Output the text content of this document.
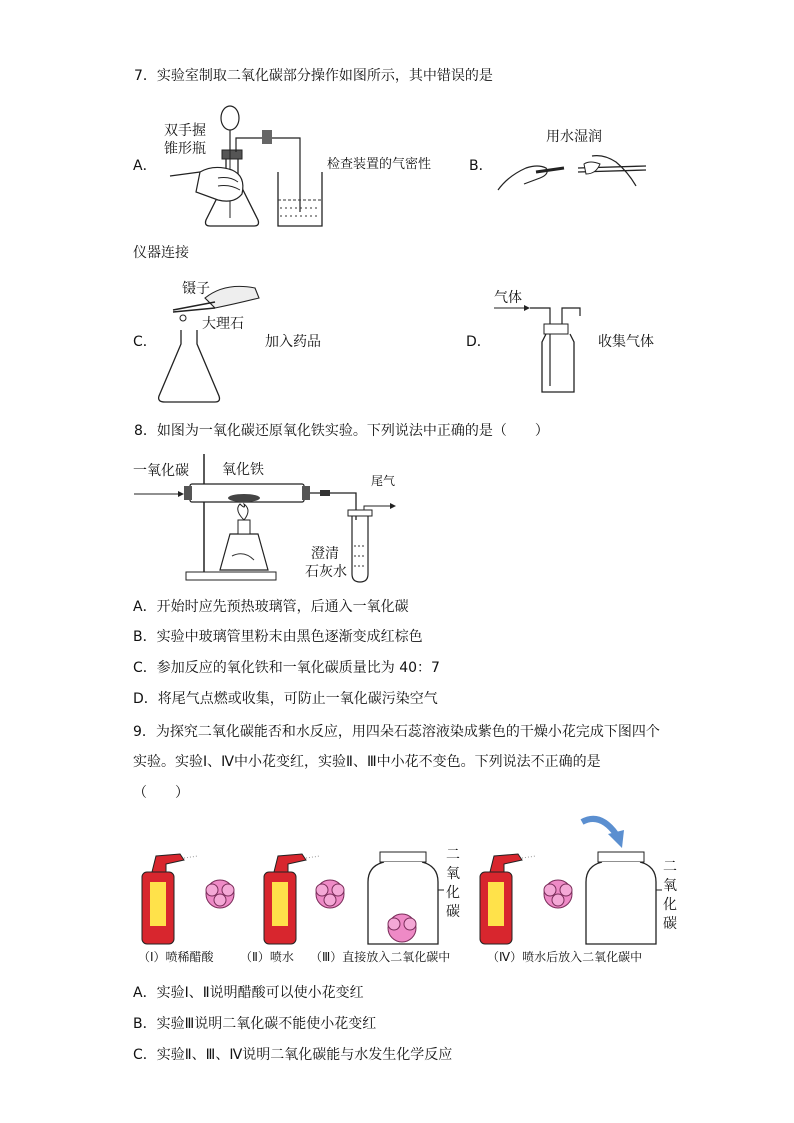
7．实验室制取二氧化碳部分操作如图所示，其中错误的是
A．
双手握
锥形瓶
检查装置的气密性	B．
用水湿润
仪器连接
C．
镊子
大理石
加入药品	D．
气体
收集气体
8．如图为一氧化碳还原氧化铁实验。下列说法中正确的是（　　）
一氧化碳 氧化铁
尾气
澄清
石灰水
A．开始时应先预热玻璃管，后通入一氧化碳
B．实验中玻璃管里粉末由黑色逐渐变成红棕色
C．参加反应的氧化铁和一氧化碳质量比为 40：7
D．将尾气点燃或收集，可防止一氧化碳污染空气
9．为探究二氧化碳能否和水反应，用四朵石蕊溶液染成紫色的干燥小花完成下图四个
实验。实验Ⅰ、Ⅳ中小花变红，实验Ⅱ、Ⅲ中小花不变色。下列说法不正确的是
（　　）
二
氧
化
碳
二
氧
化
碳
（Ⅰ）喷稀醋酸 （Ⅱ）喷水 （Ⅲ）直接放入二氧化碳中	（Ⅳ）喷水后放入二氧化碳中
A．实验Ⅰ、Ⅱ说明醋酸可以使小花变红
B．实验Ⅲ说明二氧化碳不能使小花变红
C．实验Ⅱ、Ⅲ、Ⅳ说明二氧化碳能与水发生化学反应
